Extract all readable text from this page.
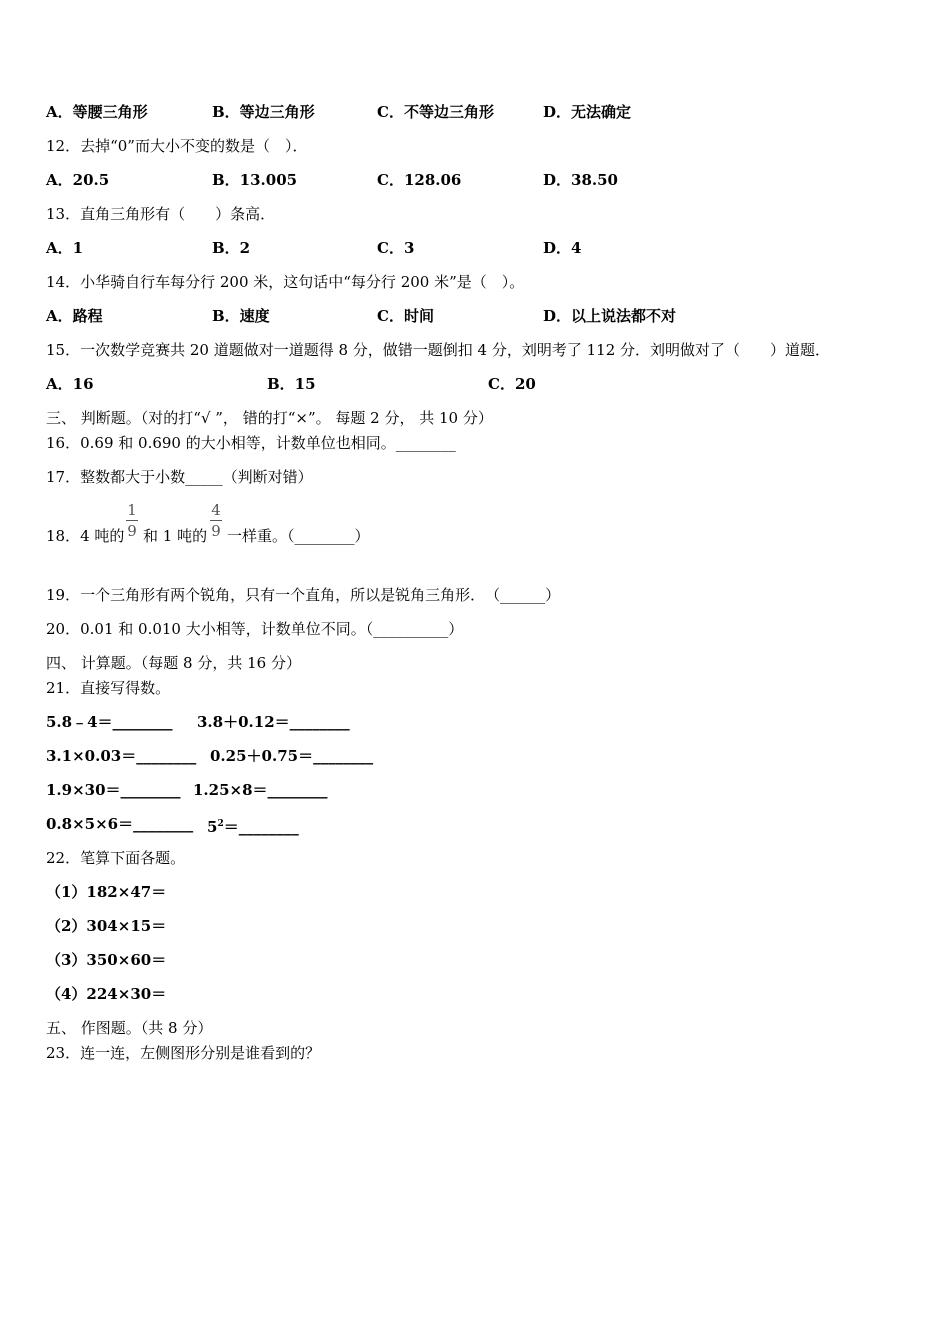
A．等腰三角形	B．等边三角形	C．不等边三角形	D．无法确定
12．去掉“0”而大小不变的数是（　）．
A．20.5	B．13.005	C．128.06	D．38.50
13．直角三角形有（　　）条高．
A．1	B．2	C．3	D．4
14．小华骑自行车每分行 200 米，这句话中“每分行 200 米”是（　）。
A．路程	B．速度	C．时间	D．以上说法都不对
15．一次数学竞赛共 20 道题做对一道题得 8 分，做错一题倒扣 4 分，刘明考了 112 分．刘明做对了（　　）道题．
A．16	B．15	C．20
三、 判断题。（对的打“√ ”， 错的打“×”。 每题 2 分， 共 10 分）
16．0.69 和 0.690 的大小相等，计数单位也相同。________
17．整数都大于小数_____（判断对错）
18．4 吨的
1
9 和 1 吨的
4
9 一样重。（________）
19．一个三角形有两个锐角，只有一个直角，所以是锐角三角形．　（______）
20．0.01 和 0.010 大小相等，计数单位不同。（__________）
四、 计算题。（每题 8 分，共 16 分）
21．直接写得数。
5.8﹣4＝________ 3.8＋0.12＝________
3.1×0.03＝________ 0.25＋0.75＝________
1.9×30＝________ 1.25×8＝________
0.8×5×6＝________ $5^2=\_\_\_\_\_\_\_\_$
22．笔算下面各题。
（1）182×47＝
（2）304×15＝
（3）350×60＝
（4）224×30＝
五、 作图题。（共 8 分）
23．连一连，左侧图形分别是谁看到的？
